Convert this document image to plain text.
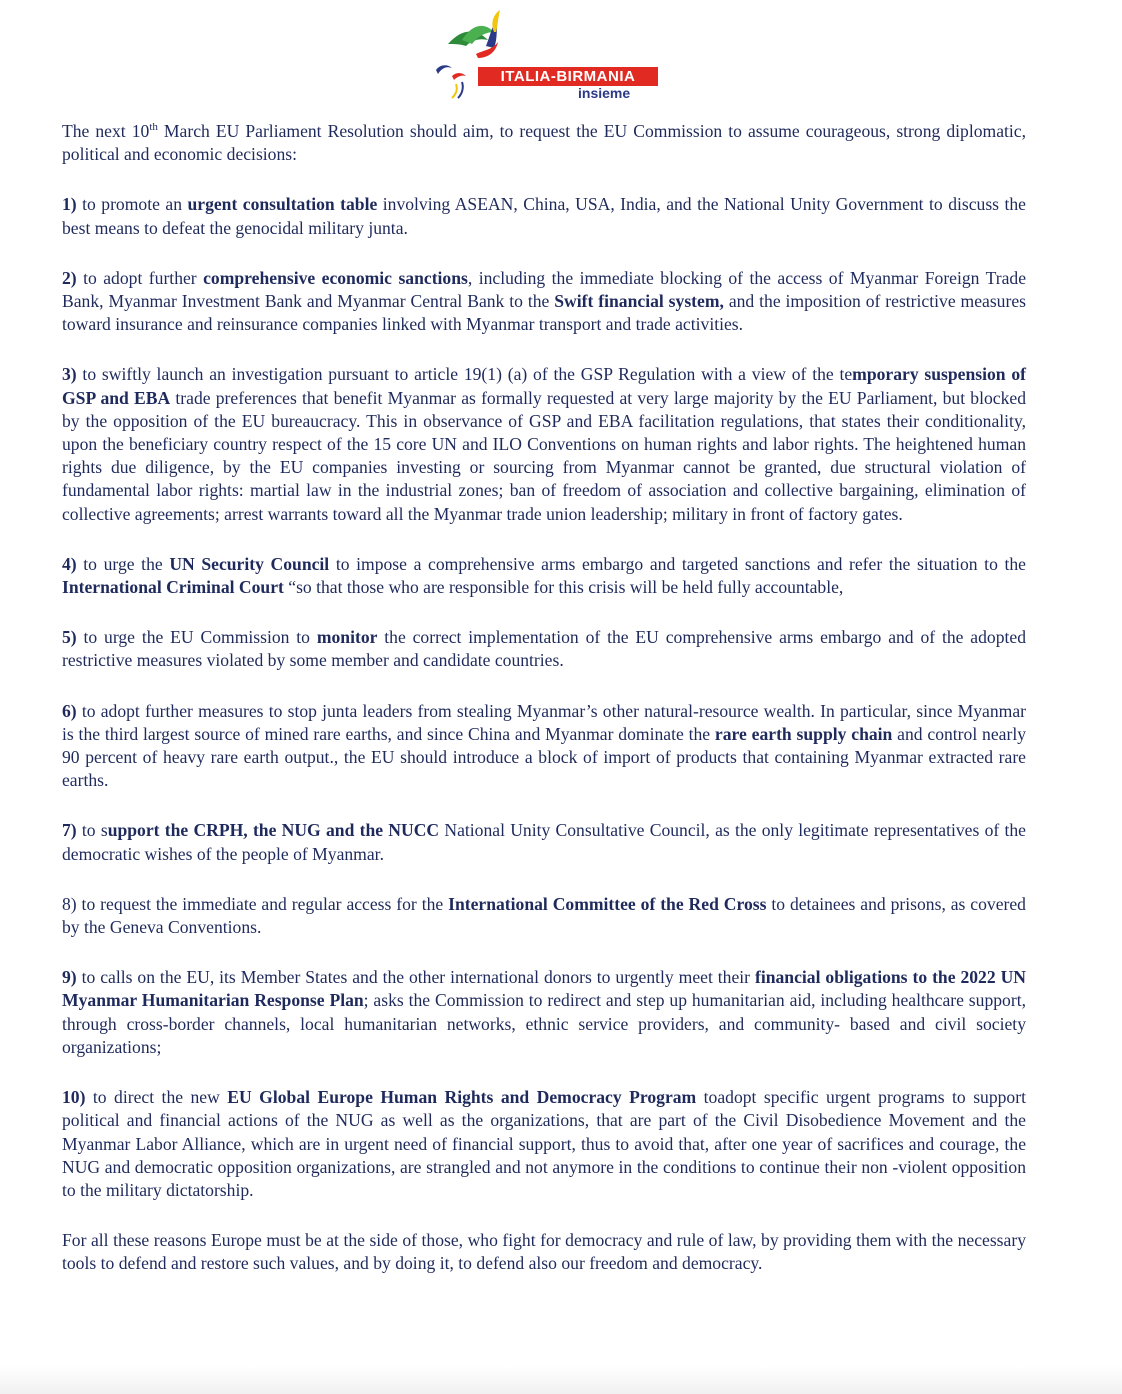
ITALIA-BIRMANIA
insieme

The next 10th March EU Parliament Resolution should aim, to request the EU Commission to assume courageous, strong diplomatic, political and economic decisions:

1) to promote an urgent consultation table involving ASEAN, China, USA, India, and the National Unity Government to discuss the best means to defeat the genocidal military junta.

2) to adopt further comprehensive economic sanctions, including the immediate blocking of the access of Myanmar Foreign Trade Bank, Myanmar Investment Bank and Myanmar Central Bank to the Swift financial system, and the imposition of restrictive measures toward insurance and reinsurance companies linked with Myanmar transport and trade activities.

3) to swiftly launch an investigation pursuant to article 19(1) (a) of the GSP Regulation with a view of the temporary suspension of GSP and EBA trade preferences that benefit Myanmar as formally requested at very large majority by the EU Parliament, but blocked by the opposition of the EU bureaucracy. This in observance of GSP and EBA facilitation regulations, that states their conditionality, upon the beneficiary country respect of the 15 core UN and ILO Conventions on human rights and labor rights. The heightened human rights due diligence, by the EU companies investing or sourcing from Myanmar cannot be granted, due structural violation of fundamental labor rights: martial law in the industrial zones; ban of freedom of association and collective bargaining, elimination of collective agreements; arrest warrants toward all the Myanmar trade union leadership; military in front of factory gates.

4) to urge the UN Security Council to impose a comprehensive arms embargo and targeted sanctions and refer the situation to the International Criminal Court “so that those who are responsible for this crisis will be held fully accountable,

5) to urge the EU Commission to monitor the correct implementation of the EU comprehensive arms embargo and of the adopted restrictive measures violated by some member and candidate countries.

6) to adopt further measures to stop junta leaders from stealing Myanmar’s other natural-resource wealth. In particular, since Myanmar is the third largest source of mined rare earths, and since China and Myanmar dominate the rare earth supply chain and control nearly 90 percent of heavy rare earth output., the EU should introduce a block of import of products that containing Myanmar extracted rare earths.

7) to support the CRPH, the NUG and the NUCC National Unity Consultative Council, as the only legitimate representatives of the democratic wishes of the people of Myanmar.

8) to request the immediate and regular access for the International Committee of the Red Cross to detainees and prisons, as covered by the Geneva Conventions.

9) to calls on the EU, its Member States and the other international donors to urgently meet their financial obligations to the 2022 UN Myanmar Humanitarian Response Plan; asks the Commission to redirect and step up humanitarian aid, including healthcare support, through cross-border channels, local humanitarian networks, ethnic service providers, and community- based and civil society organizations;

10) to direct the new EU Global Europe Human Rights and Democracy Program toadopt specific urgent programs to support political and financial actions of the NUG as well as the organizations, that are part of the Civil Disobedience Movement and the Myanmar Labor Alliance, which are in urgent need of financial support, thus to avoid that, after one year of sacrifices and courage, the NUG and democratic opposition organizations, are strangled and not anymore in the conditions to continue their non -violent opposition to the military dictatorship.

For all these reasons Europe must be at the side of those, who fight for democracy and rule of law, by providing them with the necessary tools to defend and restore such values, and by doing it, to defend also our freedom and democracy.
